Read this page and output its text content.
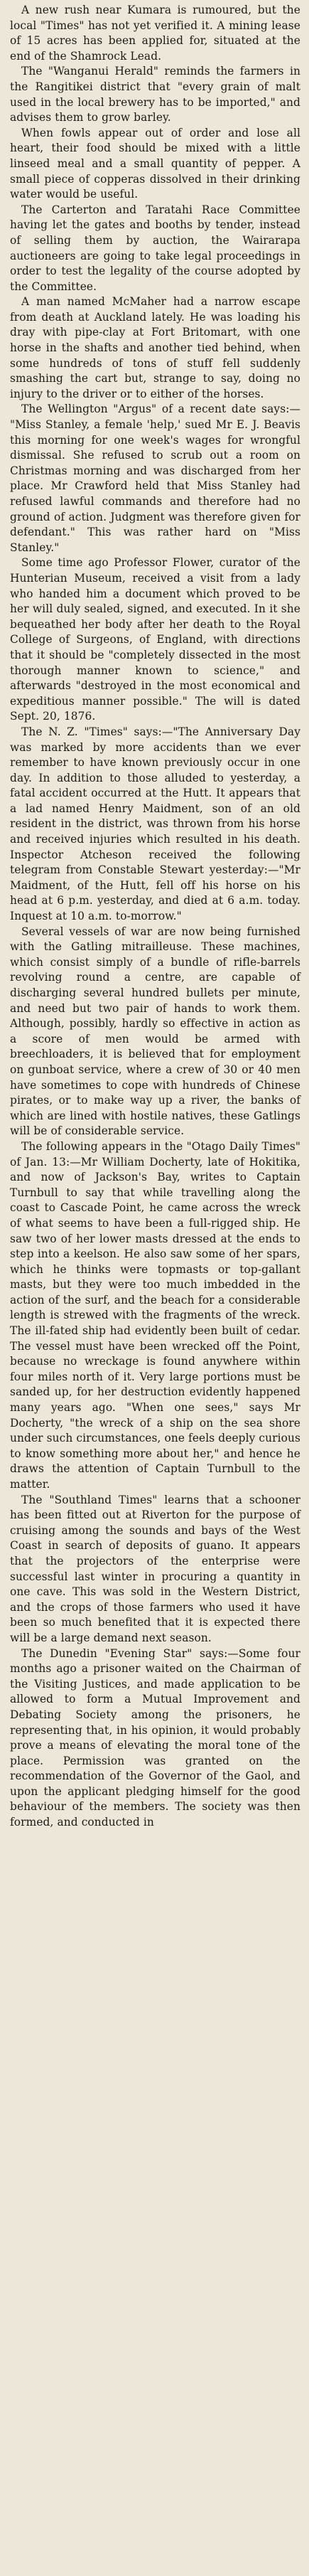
A new rush near Kumara is rumoured, but the local "Times" has not yet verified it. A mining lease of 15 acres has been applied for, situated at the end of the Shamrock Lead.

The "Wanganui Herald" reminds the farmers in the Rangitikei district that "every grain of malt used in the local brewery has to be imported," and advises them to grow barley.

When fowls appear out of order and lose all heart, their food should be mixed with a little linseed meal and a small quantity of pepper. A small piece of copperas dissolved in their drinking water would be useful.

The Carterton and Taratahi Race Committee having let the gates and booths by tender, instead of selling them by auction, the Wairarapa auctioneers are going to take legal proceedings in order to test the legality of the course adopted by the Committee.

A man named McMaher had a narrow escape from death at Auckland lately. He was loading his dray with pipe-clay at Fort Britomart, with one horse in the shafts and another tied behind, when some hundreds of tons of stuff fell suddenly smashing the cart but, strange to say, doing no injury to the driver or to either of the horses.

The Wellington "Argus" of a recent date says:— "Miss Stanley, a female 'help,' sued Mr E. J. Beavis this morning for one week's wages for wrongful dismissal. She refused to scrub out a room on Christmas morning and was discharged from her place. Mr Crawford held that Miss Stanley had refused lawful commands and therefore had no ground of action. Judgment was therefore given for defendant." This was rather hard on "Miss Stanley."

Some time ago Professor Flower, curator of the Hunterian Museum, received a visit from a lady who handed him a document which proved to be her will duly sealed, signed, and executed. In it she bequeathed her body after her death to the Royal College of Surgeons, of England, with directions that it should be "completely dissected in the most thorough manner known to science," and afterwards "destroyed in the most economical and expeditious manner possible." The will is dated Sept. 20, 1876.

The N. Z. "Times" says:—"The Anniversary Day was marked by more accidents than we ever remember to have known previously occur in one day. In addition to those alluded to yesterday, a fatal accident occurred at the Hutt. It appears that a lad named Henry Maidment, son of an old resident in the district, was thrown from his horse and received injuries which resulted in his death. Inspector Atcheson received the following telegram from Constable Stewart yesterday:—"Mr Maidment, of the Hutt, fell off his horse on his head at 6 p.m. yesterday, and died at 6 a.m. today. Inquest at 10 a.m. to-morrow."

Several vessels of war are now being furnished with the Gatling mitrailleuse. These machines, which consist simply of a bundle of rifle-barrels revolving round a centre, are capable of discharging several hundred bullets per minute, and need but two pair of hands to work them. Although, possibly, hardly so effective in action as a score of men would be armed with breechloaders, it is believed that for employment on gunboat service, where a crew of 30 or 40 men have sometimes to cope with hundreds of Chinese pirates, or to make way up a river, the banks of which are lined with hostile natives, these Gatlings will be of considerable service.

The following appears in the "Otago Daily Times" of Jan. 13:—Mr William Docherty, late of Hokitika, and now of Jackson's Bay, writes to Captain Turnbull to say that while travelling along the coast to Cascade Point, he came across the wreck of what seems to have been a full-rigged ship. He saw two of her lower masts dressed at the ends to step into a keelson. He also saw some of her spars, which he thinks were topmasts or top-gallant masts, but they were too much imbedded in the action of the surf, and the beach for a considerable length is strewed with the fragments of the wreck. The ill-fated ship had evidently been built of cedar. The vessel must have been wrecked off the Point, because no wreckage is found anywhere within four miles north of it. Very large portions must be sanded up, for her destruction evidently happened many years ago. "When one sees," says Mr Docherty, "the wreck of a ship on the sea shore under such circumstances, one feels deeply curious to know something more about her," and hence he draws the attention of Captain Turnbull to the matter.

The "Southland Times" learns that a schooner has been fitted out at Riverton for the purpose of cruising among the sounds and bays of the West Coast in search of deposits of guano. It appears that the projectors of the enterprise were successful last winter in procuring a quantity in one cave. This was sold in the Western District, and the crops of those farmers who used it have been so much benefited that it is expected there will be a large demand next season.

The Dunedin "Evening Star" says:—Some four months ago a prisoner waited on the Chairman of the Visiting Justices, and made application to be allowed to form a Mutual Improvement and Debating Society among the prisoners, he representing that, in his opinion, it would probably prove a means of elevating the moral tone of the place. Permission was granted on the recommendation of the Governor of the Gaol, and upon the applicant pledging himself for the good behaviour of the members. The society was then formed, and conducted in
